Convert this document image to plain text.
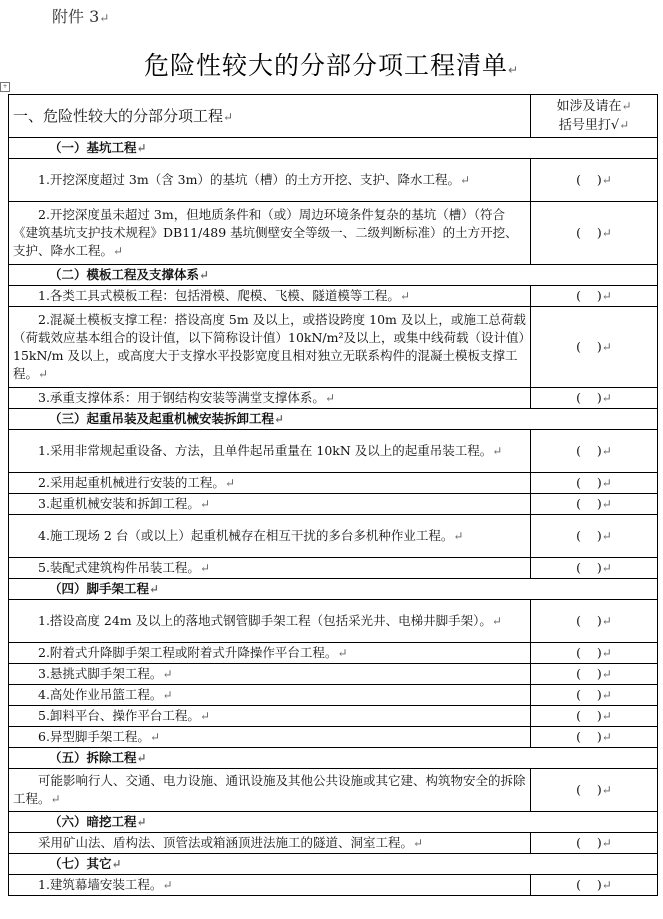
附件 3↵
危险性较大的分部分项工程清单↵
+
一、危险性较大的分部分项工程↵	如涉及请在↵
括号里打√↵

（一）基坑工程↵	
1.开挖深度超过 3m（含 3m）的基坑（槽）的土方开挖、支护、降水工程。↵	(    )↵
2.开挖深度虽未超过 3m，但地质条件和（或）周边环境条件复杂的基坑（槽）（符合《建筑基坑支护技术规程》DB11/489 基坑侧壁安全等级一、二级判断标准）的土方开挖、支护、降水工程。↵	(    )↵
（二）模板工程及支撑体系↵	
1.各类工具式模板工程：包括滑模、爬模、飞模、隧道模等工程。↵	(    )↵
2.混凝土模板支撑工程：搭设高度 5m 及以上，或搭设跨度 10m 及以上，或施工总荷载（荷载效应基本组合的设计值，以下简称设计值）10kN/m²及以上，或集中线荷载（设计值）15kN/m 及以上，或高度大于支撑水平投影宽度且相对独立无联系构件的混凝土模板支撑工程。↵	(    )↵
3.承重支撑体系：用于钢结构安装等满堂支撑体系。↵	(    )↵
（三）起重吊装及起重机械安装拆卸工程↵	
1.采用非常规起重设备、方法，且单件起吊重量在 10kN 及以上的起重吊装工程。↵	(    )↵
2.采用起重机械进行安装的工程。↵	(    )↵
3.起重机械安装和拆卸工程。↵	(    )↵
4.施工现场 2 台（或以上）起重机械存在相互干扰的多台多机种作业工程。↵	(    )↵
5.装配式建筑构件吊装工程。↵	(    )↵
（四）脚手架工程↵	
1.搭设高度 24m 及以上的落地式钢管脚手架工程（包括采光井、电梯井脚手架）。↵	(    )↵
2.附着式升降脚手架工程或附着式升降操作平台工程。↵	(    )↵
3.悬挑式脚手架工程。↵	(    )↵
4.高处作业吊篮工程。↵	(    )↵
5.卸料平台、操作平台工程。↵	(    )↵
6.异型脚手架工程。↵	(    )↵
（五）拆除工程↵	
可能影响行人、交通、电力设施、通讯设施及其他公共设施或其它建、构筑物安全的拆除工程。↵	(    )↵
（六）暗挖工程↵	
采用矿山法、盾构法、顶管法或箱涵顶进法施工的隧道、洞室工程。↵	(    )↵
（七）其它↵	
1.建筑幕墙安装工程。↵	(    )↵
